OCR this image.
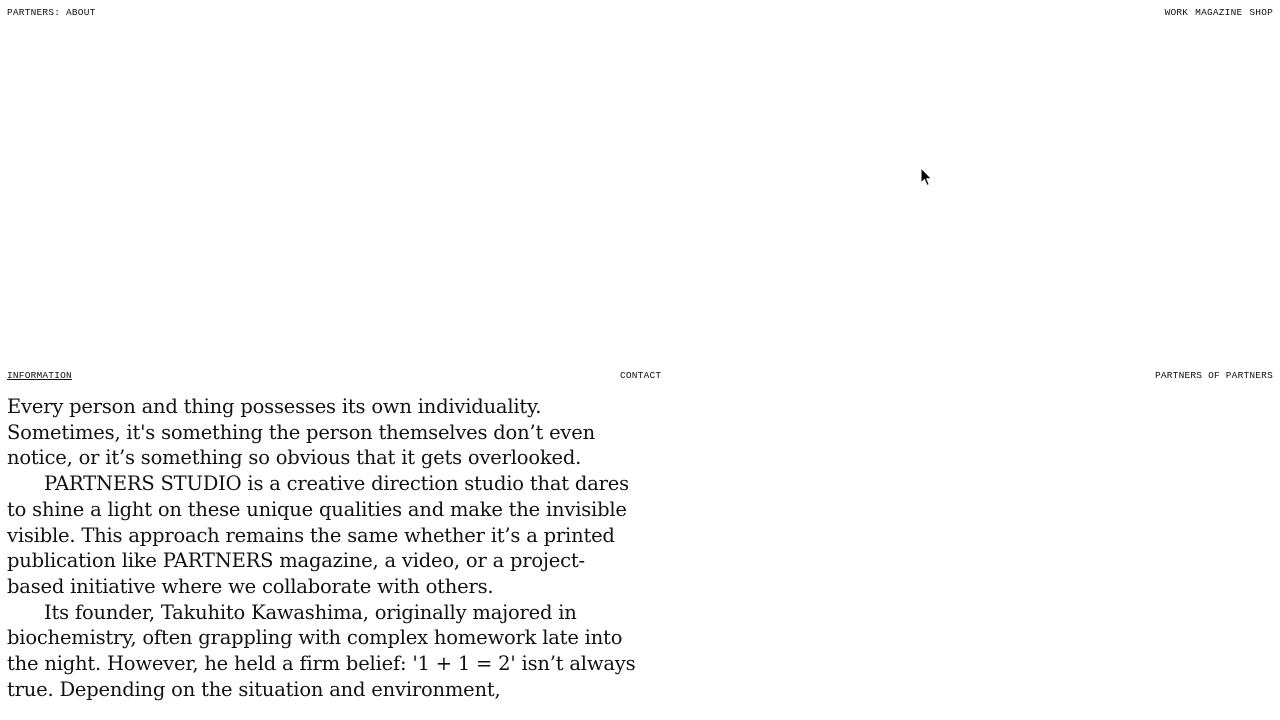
PARTNERS: ABOUT	WORK MAGAZINE SHOP
INFORMATION	CONTACT	PARTNERS OF PARTNERS

Every person and thing possesses its own individuality. Sometimes, it's something the person themselves don’t even notice, or it’s something so obvious that it gets overlooked.

PARTNERS STUDIO is a creative direction studio that dares to shine a light on these unique qualities and make the invisible visible. This approach remains the same whether it’s a printed publication like PARTNERS magazine, a video, or a project-based initiative where we collaborate with others.

Its founder, Takuhito Kawashima, originally majored in biochemistry, often grappling with complex homework late into the night. However, he held a firm belief: '1 + 1 = 2' isn’t always true. Depending on the situation and environment,
